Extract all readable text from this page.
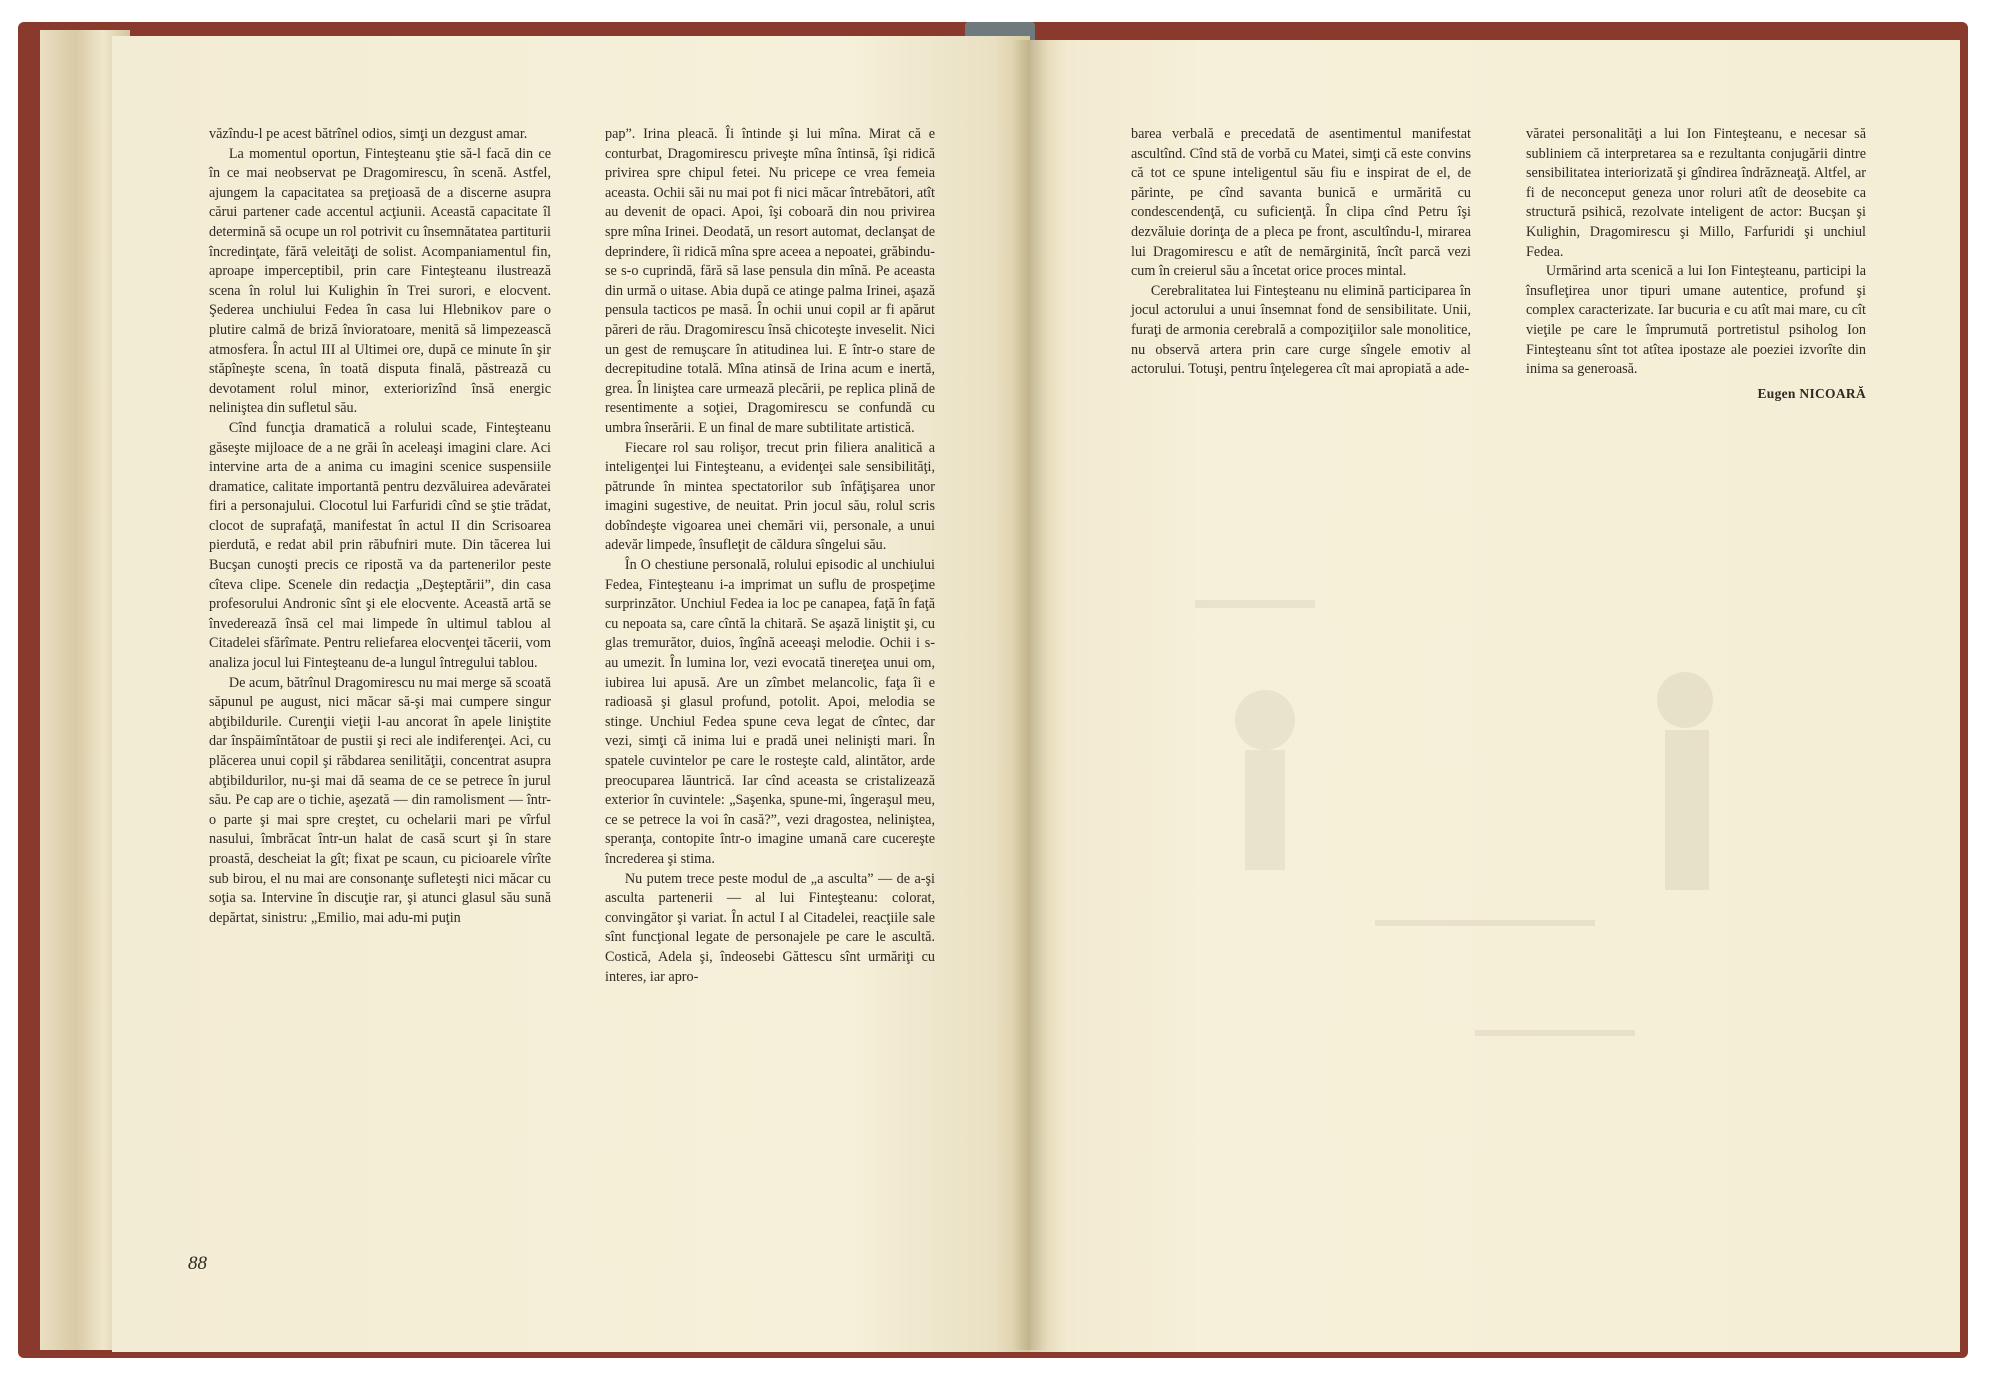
văzîndu-l pe acest bătrînel odios, simţi un dezgust amar.

La momentul oportun, Finteşteanu ştie să-l facă din ce în ce mai neobservat pe Dragomirescu, în scenă. Astfel, ajungem la capacitatea sa preţioasă de a discerne asupra cărui partener cade accentul acţiunii. Această capacitate îl determină să ocupe un rol potrivit cu însemnătatea partiturii încredinţate, fără veleităţi de solist. Acompaniamentul fin, aproape imperceptibil, prin care Finteşteanu ilustrează scena în rolul lui Kulighin în Trei surori, e elocvent. Şederea unchiului Fedea în casa lui Hlebnikov pare o plutire calmă de briză învioratoare, menită să limpezească atmosfera. În actul III al Ultimei ore, după ce minute în şir stăpîneşte scena, în toată disputa finală, păstrează cu devotament rolul minor, exteriorizînd însă energic neliniştea din sufletul său.

Cînd funcţia dramatică a rolului scade, Finteşteanu găseşte mijloace de a ne grăi în aceleaşi imagini clare. Aci intervine arta de a anima cu imagini scenice suspensiile dramatice, calitate importantă pentru dezvăluirea adevăratei firi a personajului. Clocotul lui Farfuridi cînd se ştie trădat, clocot de suprafaţă, manifestat în actul II din Scrisoarea pierdută, e redat abil prin răbufniri mute. Din tăcerea lui Bucşan cunoşti precis ce ripostă va da partenerilor peste cîteva clipe. Scenele din redacţia „Deşteptării”, din casa profesorului Andronic sînt şi ele elocvente. Această artă se învederează însă cel mai limpede în ultimul tablou al Citadelei sfărîmate. Pentru reliefarea elocvenţei tăcerii, vom analiza jocul lui Finteşteanu de-a lungul întregului tablou.

De acum, bătrînul Dragomirescu nu mai merge să scoată săpunul pe august, nici măcar să-şi mai cumpere singur abţibildurile. Curenţii vieţii l-au ancorat în apele liniştite dar înspăimîntătoar de pustii şi reci ale indiferenţei. Aci, cu plăcerea unui copil şi răbdarea senilităţii, concentrat asupra abţibildurilor, nu-şi mai dă seama de ce se petrece în jurul său. Pe cap are o tichie, aşezată — din ramolisment — într-o parte şi mai spre creştet, cu ochelarii mari pe vîrful nasului, îmbrăcat într-un halat de casă scurt şi în stare proastă, descheiat la gît; fixat pe scaun, cu picioarele vîrîte sub birou, el nu mai are consonanţe sufleteşti nici măcar cu soţia sa. Intervine în discuţie rar, şi atunci glasul său sună depărtat, sinistru: „Emilio, mai adu-mi puţin

pap”. Irina pleacă. Îi întinde şi lui mîna. Mirat că e conturbat, Dragomirescu priveşte mîna întinsă, îşi ridică privirea spre chipul fetei. Nu pricepe ce vrea femeia aceasta. Ochii săi nu mai pot fi nici măcar întrebători, atît au devenit de opaci. Apoi, îşi coboară din nou privirea spre mîna Irinei. Deodată, un resort automat, declanşat de deprindere, îi ridică mîna spre aceea a nepoatei, grăbindu-se s-o cuprindă, fără să lase pensula din mînă. Pe aceasta din urmă o uitase. Abia după ce atinge palma Irinei, aşază pensula tacticos pe masă. În ochii unui copil ar fi apărut păreri de rău. Dragomirescu însă chicoteşte inveselit. Nici un gest de remuşcare în atitudinea lui. E într-o stare de decrepitudine totală. Mîna atinsă de Irina acum e inertă, grea. În liniştea care urmează plecării, pe replica plină de resentimente a soţiei, Dragomirescu se confundă cu umbra înserării. E un final de mare subtilitate artistică.

Fiecare rol sau rolişor, trecut prin filiera analitică a inteligenţei lui Finteşteanu, a evidenţei sale sensibilităţi, pătrunde în mintea spectatorilor sub înfăţişarea unor imagini sugestive, de neuitat. Prin jocul său, rolul scris dobîndeşte vigoarea unei chemări vii, personale, a unui adevăr limpede, însufleţit de căldura sîngelui său.

În O chestiune personală, rolului episodic al unchiului Fedea, Finteşteanu i-a imprimat un suflu de prospeţime surprinzător. Unchiul Fedea ia loc pe canapea, faţă în faţă cu nepoata sa, care cîntă la chitară. Se aşază liniştit şi, cu glas tremurător, duios, îngînă aceeaşi melodie. Ochii i s-au umezit. În lumina lor, vezi evocată tinereţea unui om, iubirea lui apusă. Are un zîmbet melancolic, faţa îi e radioasă şi glasul profund, potolit. Apoi, melodia se stinge. Unchiul Fedea spune ceva legat de cîntec, dar vezi, simţi că inima lui e pradă unei nelinişti mari. În spatele cuvintelor pe care le rosteşte cald, alintător, arde preocuparea lăuntrică. Iar cînd aceasta se cristalizează exterior în cuvintele: „Saşenka, spune-mi, îngeraşul meu, ce se petrece la voi în casă?”, vezi dragostea, neliniştea, speranţa, contopite într-o imagine umană care cucereşte încrederea şi stima.

Nu putem trece peste modul de „a asculta” — de a-şi asculta partenerii — al lui Finteşteanu: colorat, convingător şi variat. În actul I al Citadelei, reacţiile sale sînt funcţional legate de personajele pe care le ascultă. Costică, Adela şi, îndeosebi Găttescu sînt urmăriţi cu interes, iar apro-

88

barea verbală e precedată de asentimentul manifestat ascultînd. Cînd stă de vorbă cu Matei, simţi că este convins că tot ce spune inteligentul său fiu e inspirat de el, de părinte, pe cînd savanta bunică e urmărită cu condescendenţă, cu suficienţă. În clipa cînd Petru îşi dezvăluie dorinţa de a pleca pe front, ascultîndu-l, mirarea lui Dragomirescu e atît de nemărginită, încît parcă vezi cum în creierul său a încetat orice proces mintal.

Cerebralitatea lui Finteşteanu nu elimină participarea în jocul actorului a unui însemnat fond de sensibilitate. Unii, furaţi de armonia cerebrală a compoziţiilor sale monolitice, nu observă artera prin care curge sîngele emotiv al actorului. Totuşi, pentru înţelegerea cît mai apropiată a ade-

văratei personalităţi a lui Ion Finteşteanu, e necesar să subliniem că interpretarea sa e rezultanta conjugării dintre sensibilitatea interiorizată şi gîndirea îndrăzneaţă. Altfel, ar fi de neconceput geneza unor roluri atît de deosebite ca structură psihică, rezolvate inteligent de actor: Bucşan şi Kulighin, Dragomirescu şi Millo, Farfuridi şi unchiul Fedea.

Urmărind arta scenică a lui Ion Finteşteanu, participi la însufleţirea unor tipuri umane autentice, profund şi complex caracterizate. Iar bucuria e cu atît mai mare, cu cît vieţile pe care le împrumută portretistul psiholog Ion Finteşteanu sînt tot atîtea ipostaze ale poeziei izvorîte din inima sa generoasă.

Eugen NICOARĂ
